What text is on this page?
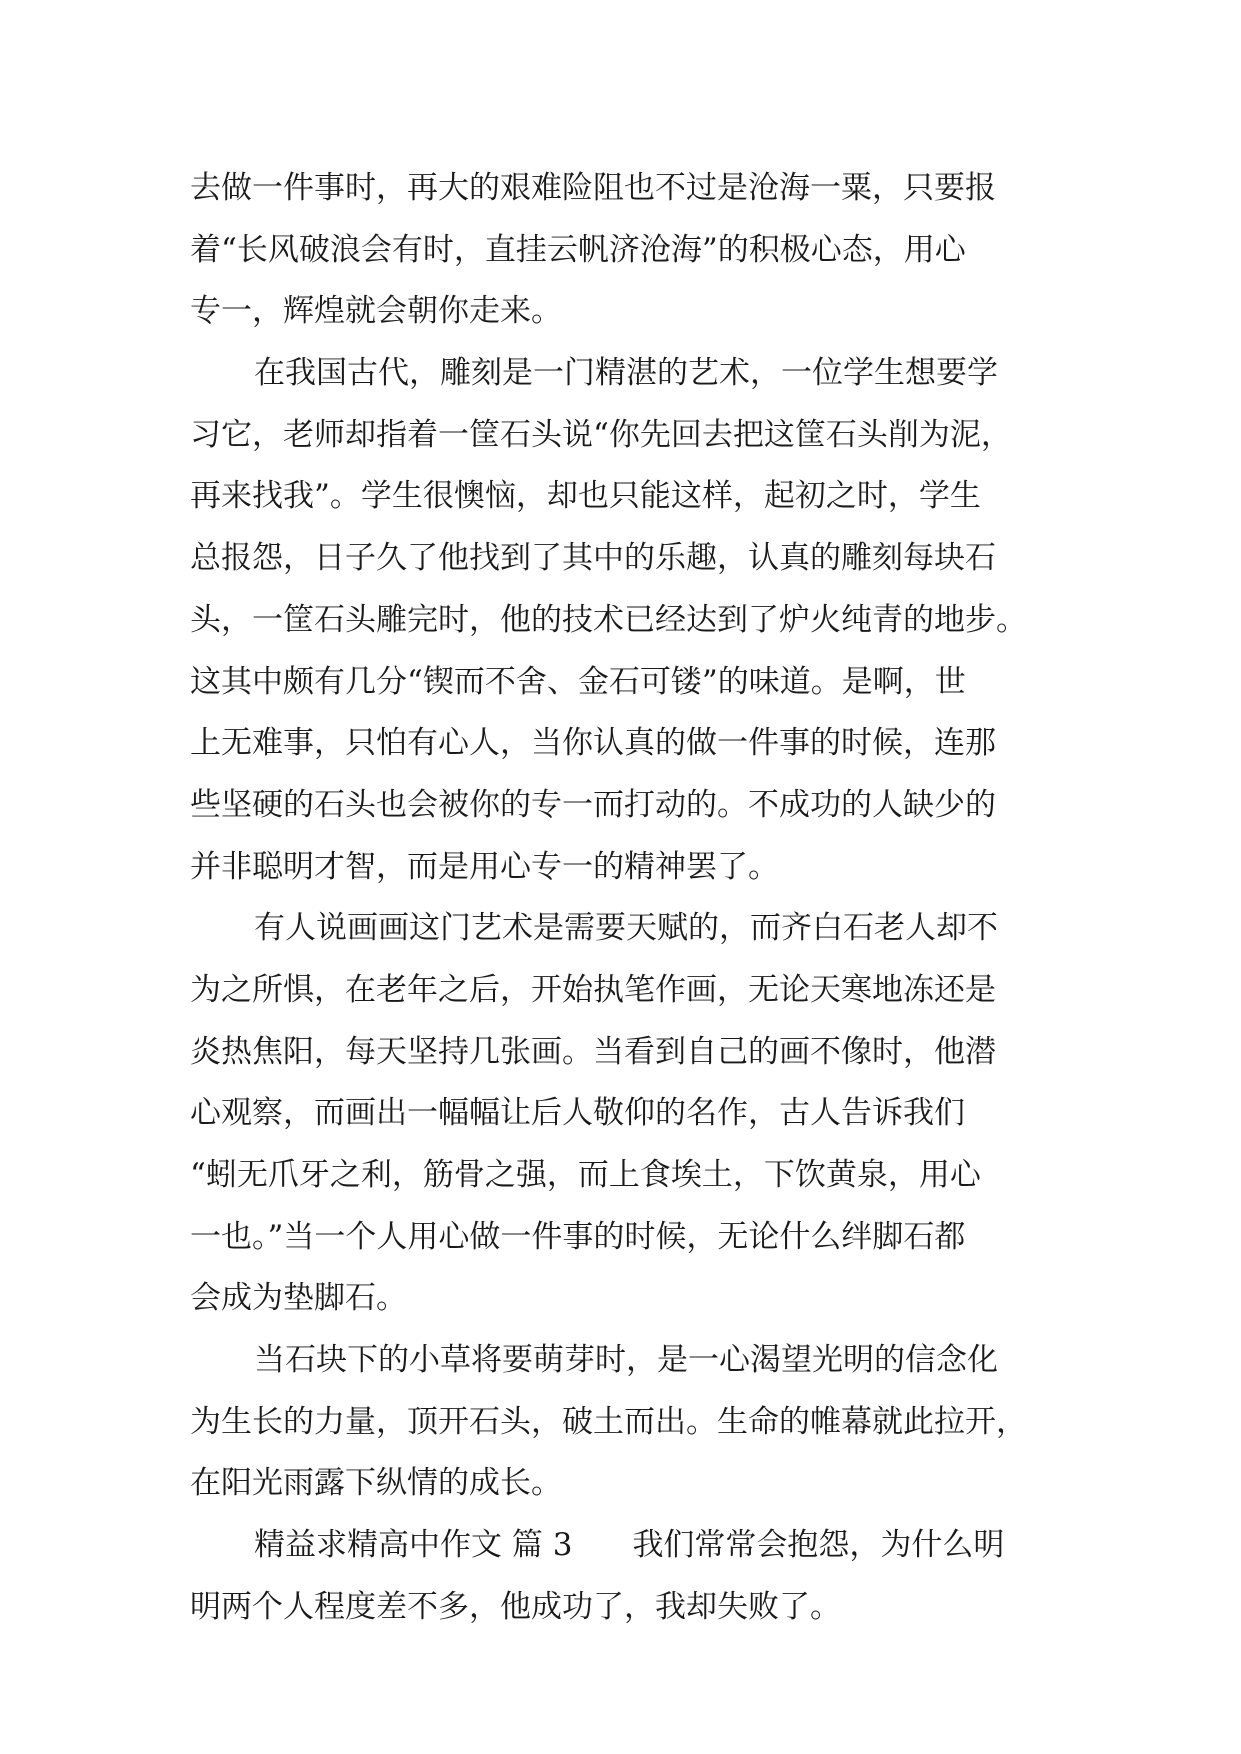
去做一件事时，再大的艰难险阻也不过是沧海一粟，只要报
着“长风破浪会有时，直挂云帆济沧海”的积极心态，用心
专一，辉煌就会朝你走来。
在我国古代，雕刻是一门精湛的艺术，一位学生想要学
习它，老师却指着一筐石头说“你先回去把这筐石头削为泥，
再来找我”。学生很懊恼，却也只能这样，起初之时，学生
总报怨，日子久了他找到了其中的乐趣，认真的雕刻每块石
头，一筐石头雕完时，他的技术已经达到了炉火纯青的地步。
这其中颇有几分“锲而不舍、金石可镂”的味道。是啊，世
上无难事，只怕有心人，当你认真的做一件事的时候，连那
些坚硬的石头也会被你的专一而打动的。不成功的人缺少的
并非聪明才智，而是用心专一的精神罢了。
有人说画画这门艺术是需要天赋的，而齐白石老人却不
为之所惧，在老年之后，开始执笔作画，无论天寒地冻还是
炎热焦阳，每天坚持几张画。当看到自己的画不像时，他潜
心观察，而画出一幅幅让后人敬仰的名作，古人告诉我们
“蚓无爪牙之利，筋骨之强，而上食埃土，下饮黄泉，用心
一也。”当一个人用心做一件事的时候，无论什么绊脚石都
会成为垫脚石。
当石块下的小草将要萌芽时，是一心渴望光明的信念化
为生长的力量，顶开石头，破土而出。生命的帷幕就此拉开，
在阳光雨露下纵情的成长。
精益求精高中作文 篇 3 我们常常会抱怨，为什么明
明两个人程度差不多，他成功了，我却失败了。
